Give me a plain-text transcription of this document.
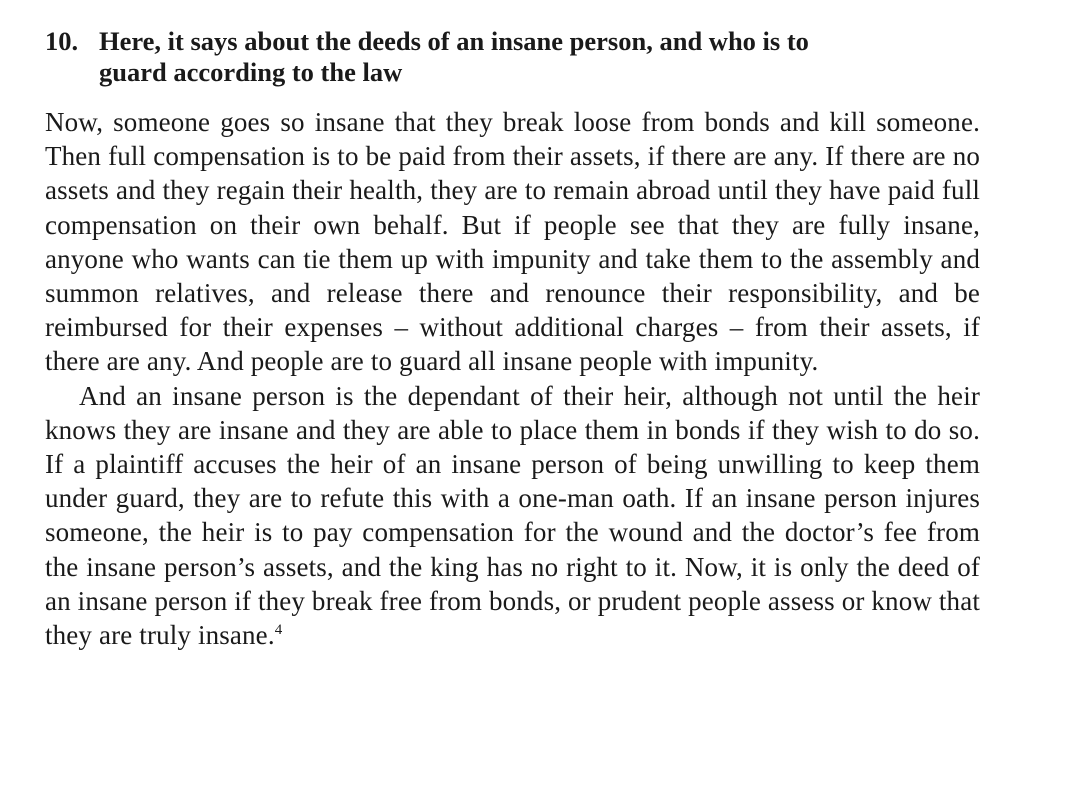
10. Here, it says about the deeds of an insane person, and who is to guard according to the law

Now, someone goes so insane that they break loose from bonds and kill someone. Then full compensation is to be paid from their assets, if there are any. If there are no assets and they regain their health, they are to remain abroad until they have paid full compensation on their own behalf. But if people see that they are fully insane, anyone who wants can tie them up with impunity and take them to the assembly and summon relatives, and release there and renounce their responsibility, and be reimbursed for their expenses – without additional charges – from their assets, if there are any. And people are to guard all insane people with impunity.

And an insane person is the dependant of their heir, although not until the heir knows they are insane and they are able to place them in bonds if they wish to do so. If a plaintiff accuses the heir of an insane person of being unwilling to keep them under guard, they are to refute this with a one-man oath. If an insane person injures someone, the heir is to pay compensation for the wound and the doctor’s fee from the insane person’s assets, and the king has no right to it. Now, it is only the deed of an insane person if they break free from bonds, or prudent people assess or know that they are truly insane.$^4$
